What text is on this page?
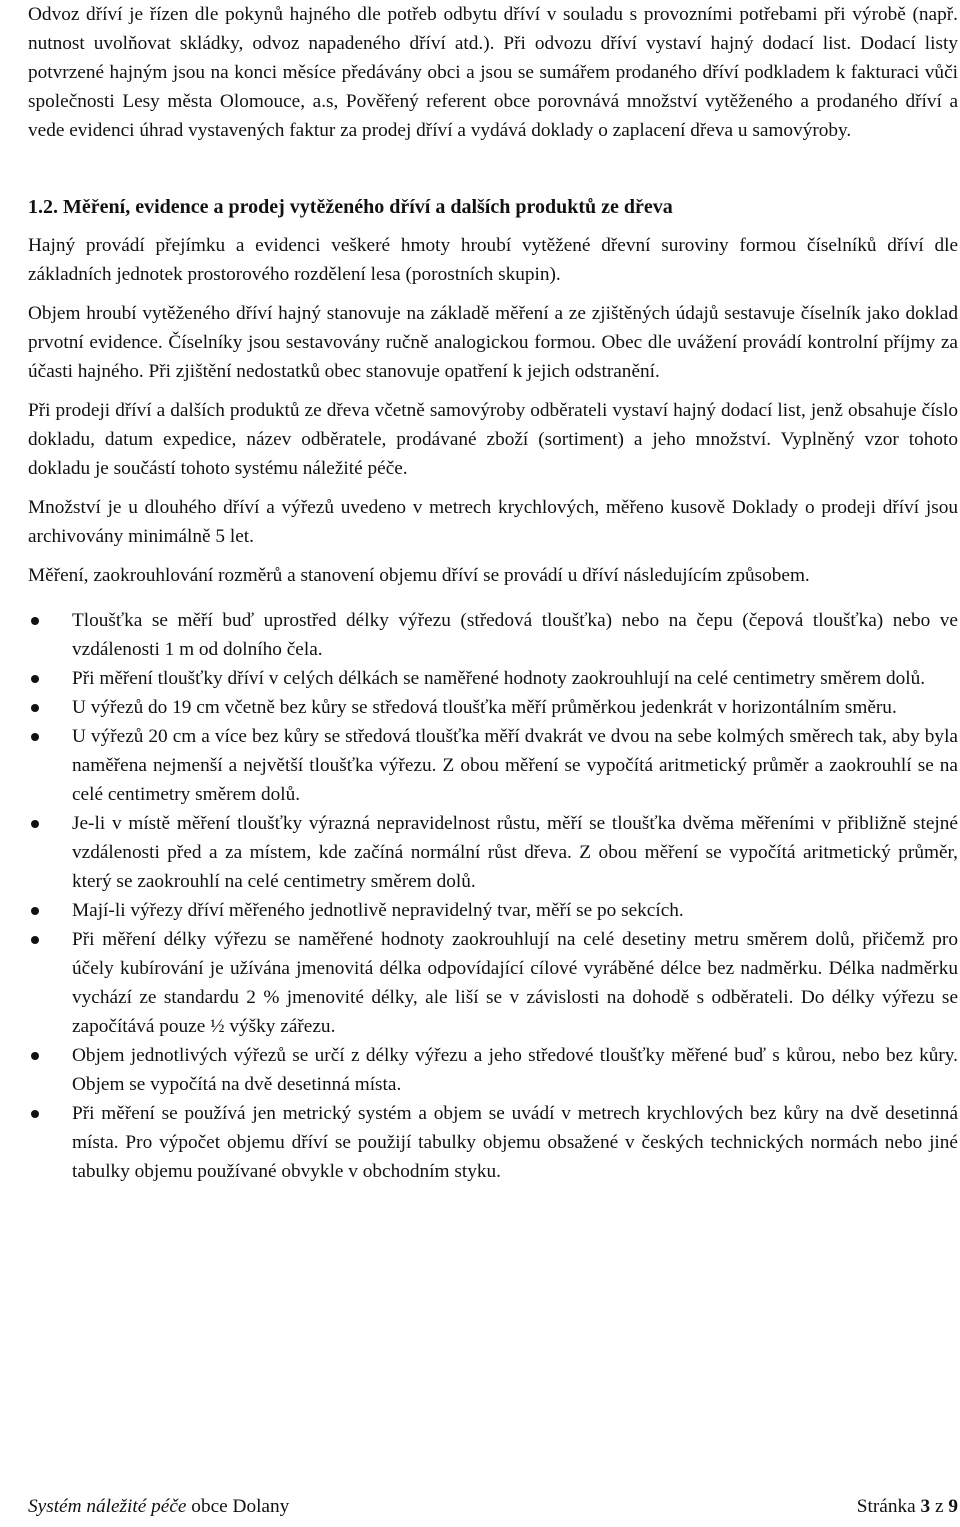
Odvoz dříví je řízen dle pokynů hajného dle potřeb odbytu dříví v souladu s provozními potřebami při výrobě (např. nutnost uvolňovat skládky, odvoz napadeného dříví atd.). Při odvozu dříví vystaví hajný dodací list. Dodací listy potvrzené hajným jsou na konci měsíce předávány obci a jsou se sumářem prodaného dříví podkladem k fakturaci vůči společnosti Lesy města Olomouce, a.s, Pověřený referent obce porovnává množství vytěženého a prodaného dříví a vede evidenci úhrad vystavených faktur za prodej dříví a vydává doklady o zaplacení dřeva u samovýroby.

1.2. Měření, evidence a prodej vytěženého dříví a dalších produktů ze dřeva

Hajný provádí přejímku a evidenci veškeré hmoty hroubí vytěžené dřevní suroviny formou číselníků dříví dle základních jednotek prostorového rozdělení lesa (porostních skupin).

Objem hroubí vytěženého dříví hajný stanovuje na základě měření a ze zjištěných údajů sestavuje číselník jako doklad prvotní evidence. Číselníky jsou sestavovány ručně analogickou formou. Obec dle uvážení provádí kontrolní příjmy za účasti hajného. Při zjištění nedostatků obec stanovuje opatření k jejich odstranění.

Při prodeji dříví a dalších produktů ze dřeva včetně samovýroby odběrateli vystaví hajný dodací list, jenž obsahuje číslo dokladu, datum expedice, název odběratele, prodávané zboží (sortiment) a jeho množství. Vyplněný vzor tohoto dokladu je součástí tohoto systému náležité péče.

Množství je u dlouhého dříví a výřezů uvedeno v metrech krychlových, měřeno kusově Doklady o prodeji dříví jsou archivovány minimálně 5 let.

Měření, zaokrouhlování rozměrů a stanovení objemu dříví se provádí u dříví následujícím způsobem.

Tloušťka se měří buď uprostřed délky výřezu (středová tloušťka) nebo na čepu (čepová tloušťka) nebo ve vzdálenosti 1 m od dolního čela.
Při měření tloušťky dříví v celých délkách se naměřené hodnoty zaokrouhlují na celé centimetry směrem dolů.
U výřezů do 19 cm včetně bez kůry se středová tloušťka měří průměrkou jedenkrát v horizontálním směru.
U výřezů 20 cm a více bez kůry se středová tloušťka měří dvakrát ve dvou na sebe kolmých směrech tak, aby byla naměřena nejmenší a největší tloušťka výřezu. Z obou měření se vypočítá aritmetický průměr a zaokrouhlí se na celé centimetry směrem dolů.
Je-li v místě měření tloušťky výrazná nepravidelnost růstu, měří se tloušťka dvěma měřeními v přibližně stejné vzdálenosti před a za místem, kde začíná normální růst dřeva. Z obou měření se vypočítá aritmetický průměr, který se zaokrouhlí na celé centimetry směrem dolů.
Mají-li výřezy dříví měřeného jednotlivě nepravidelný tvar, měří se po sekcích.
Při měření délky výřezu se naměřené hodnoty zaokrouhlují na celé desetiny metru směrem dolů, přičemž pro účely kubírování je užívána jmenovitá délka odpovídající cílové vyráběné délce bez nadměrku. Délka nadměrku vychází ze standardu 2 % jmenovité délky, ale liší se v závislosti na dohodě s odběrateli. Do délky výřezu se započítává pouze ½ výšky zářezu.
Objem jednotlivých výřezů se určí z délky výřezu a jeho středové tloušťky měřené buď s kůrou, nebo bez kůry. Objem se vypočítá na dvě desetinná místa.
Při měření se používá jen metrický systém a objem se uvádí v metrech krychlových bez kůry na dvě desetinná místa. Pro výpočet objemu dříví se použijí tabulky objemu obsažené v českých technických normách nebo jiné tabulky objemu používané obvykle v obchodním styku.
Systém náležité péče obce Dolany	Stránka 3 z 9
